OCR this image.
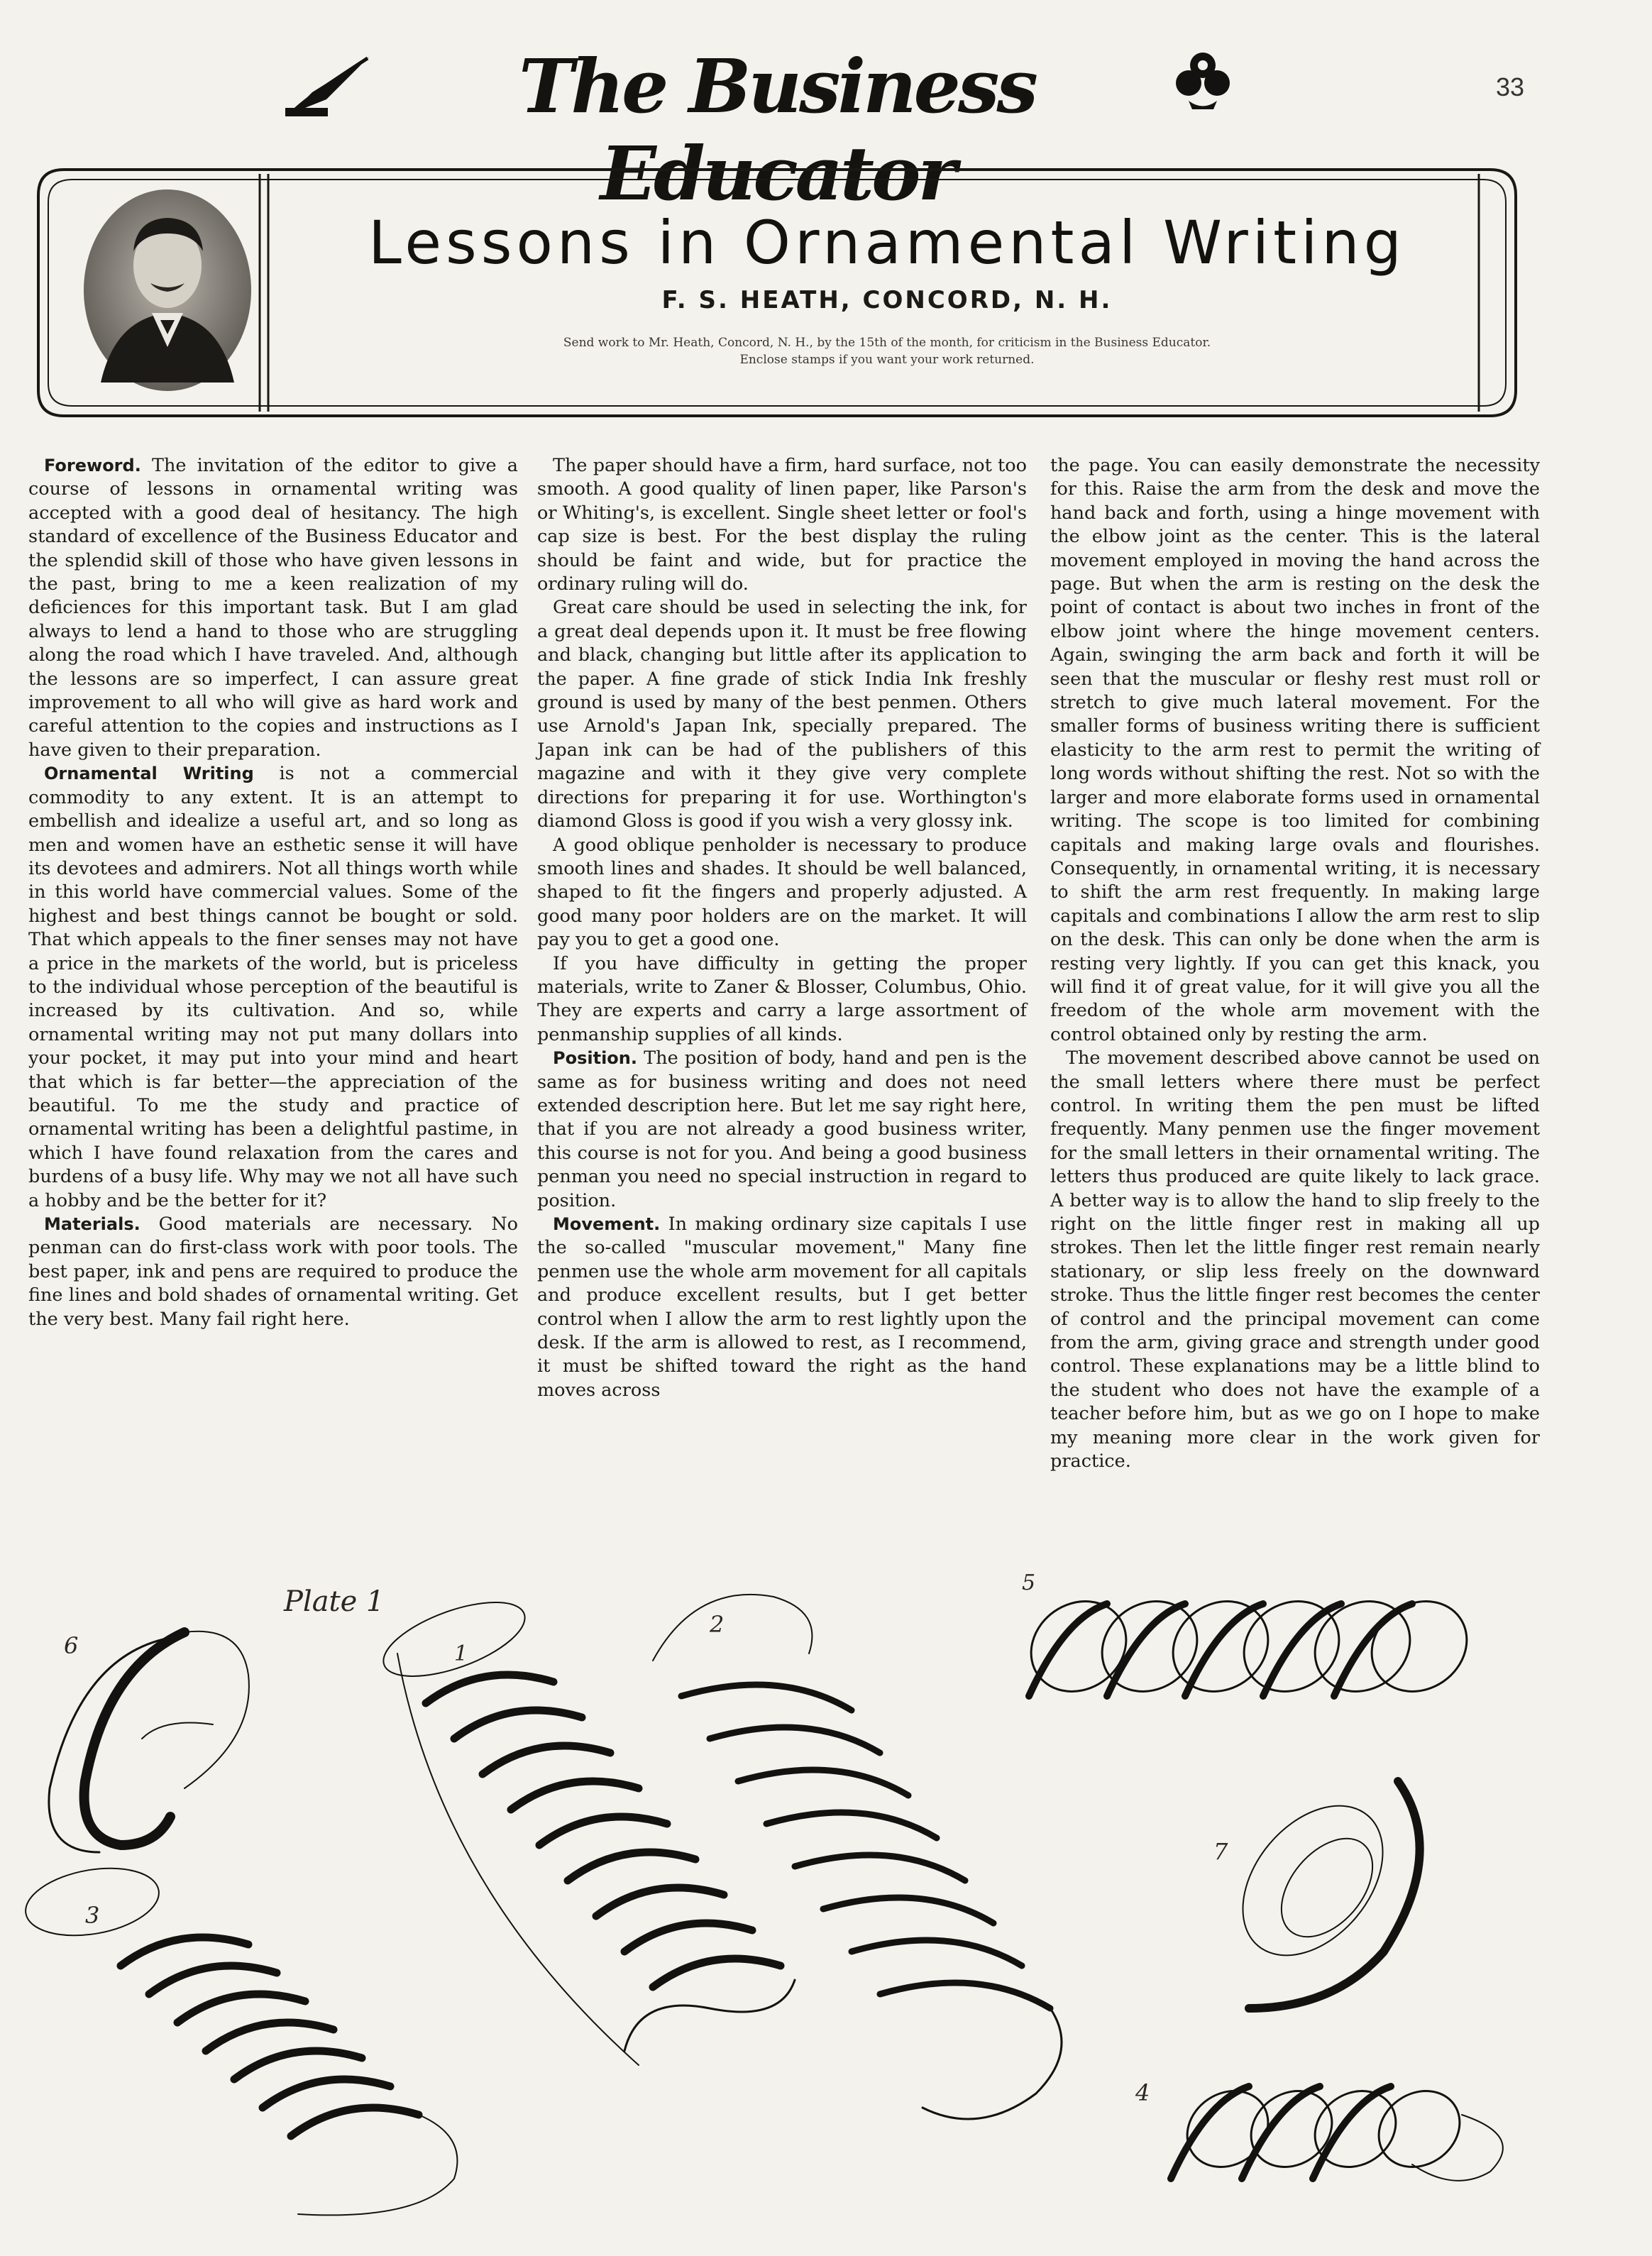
The Business Educator
33
Lessons in Ornamental Writing
F. S. HEATH, CONCORD, N. H.
Send work to Mr. Heath, Concord, N. H., by the 15th of the month, for criticism in the Business Educator.
Enclose stamps if you want your work returned.

Foreword. The invitation of the editor to give a course of lessons in ornamental writing was accepted with a good deal of hesitancy. The high standard of excellence of the Business Educator and the splendid skill of those who have given lessons in the past, bring to me a keen realization of my deficiences for this important task. But I am glad always to lend a hand to those who are struggling along the road which I have traveled. And, although the lessons are so imperfect, I can assure great improvement to all who will give as hard work and careful attention to the copies and instructions as I have given to their preparation.

Ornamental Writing is not a commercial commodity to any extent. It is an attempt to embellish and idealize a useful art, and so long as men and women have an esthetic sense it will have its devotees and admirers. Not all things worth while in this world have commercial values. Some of the highest and best things cannot be bought or sold. That which appeals to the finer senses may not have a price in the markets of the world, but is priceless to the individual whose perception of the beautiful is increased by its cultivation. And so, while ornamental writing may not put many dollars into your pocket, it may put into your mind and heart that which is far better—the appreciation of the beautiful. To me the study and practice of ornamental writing has been a delightful pastime, in which I have found relaxation from the cares and burdens of a busy life. Why may we not all have such a hobby and be the better for it?

Materials. Good materials are necessary. No penman can do first-class work with poor tools. The best paper, ink and pens are required to produce the fine lines and bold shades of ornamental writing. Get the very best. Many fail right here.

The paper should have a firm, hard surface, not too smooth. A good quality of linen paper, like Parson's or Whiting's, is excellent. Single sheet letter or fool's cap size is best. For the best display the ruling should be faint and wide, but for practice the ordinary ruling will do.

Great care should be used in selecting the ink, for a great deal depends upon it. It must be free flowing and black, changing but little after its application to the paper. A fine grade of stick India Ink freshly ground is used by many of the best penmen. Others use Arnold's Japan Ink, specially prepared. The Japan ink can be had of the publishers of this magazine and with it they give very complete directions for preparing it for use. Worthington's diamond Gloss is good if you wish a very glossy ink.

A good oblique penholder is necessary to produce smooth lines and shades. It should be well balanced, shaped to fit the fingers and properly adjusted. A good many poor holders are on the market. It will pay you to get a good one.

If you have difficulty in getting the proper materials, write to Zaner & Blosser, Columbus, Ohio. They are experts and carry a large assortment of penmanship supplies of all kinds.

Position. The position of body, hand and pen is the same as for business writing and does not need extended description here. But let me say right here, that if you are not already a good business writer, this course is not for you. And being a good business penman you need no special instruction in regard to position.

Movement. In making ordinary size capitals I use the so-called "muscular movement," Many fine penmen use the whole arm movement for all capitals and produce excellent results, but I get better control when I allow the arm to rest lightly upon the desk. If the arm is allowed to rest, as I recommend, it must be shifted toward the right as the hand moves across

the page. You can easily demonstrate the necessity for this. Raise the arm from the desk and move the hand back and forth, using a hinge movement with the elbow joint as the center. This is the lateral movement employed in moving the hand across the page. But when the arm is resting on the desk the point of contact is about two inches in front of the elbow joint where the hinge movement centers. Again, swinging the arm back and forth it will be seen that the muscular or fleshy rest must roll or stretch to give much lateral movement. For the smaller forms of business writing there is sufficient elasticity to the arm rest to permit the writing of long words without shifting the rest. Not so with the larger and more elaborate forms used in ornamental writing. The scope is too limited for combining capitals and making large ovals and flourishes. Consequently, in ornamental writing, it is necessary to shift the arm rest frequently. In making large capitals and combinations I allow the arm rest to slip on the desk. This can only be done when the arm is resting very lightly. If you can get this knack, you will find it of great value, for it will give you all the freedom of the whole arm movement with the control obtained only by resting the arm.

The movement described above cannot be used on the small letters where there must be perfect control. In writing them the pen must be lifted frequently. Many penmen use the finger movement for the small letters in their ornamental writing. The letters thus produced are quite likely to lack grace. A better way is to allow the hand to slip freely to the right on the little finger rest in making all up strokes. Then let the little finger rest remain nearly stationary, or slip less freely on the downward stroke. Thus the little finger rest becomes the center of control and the principal movement can come from the arm, giving grace and strength under good control. These explanations may be a little blind to the student who does not have the example of a teacher before him, but as we go on I hope to make my meaning more clear in the work given for practice.

Plate 1
1
2
3
4
5
6
7
